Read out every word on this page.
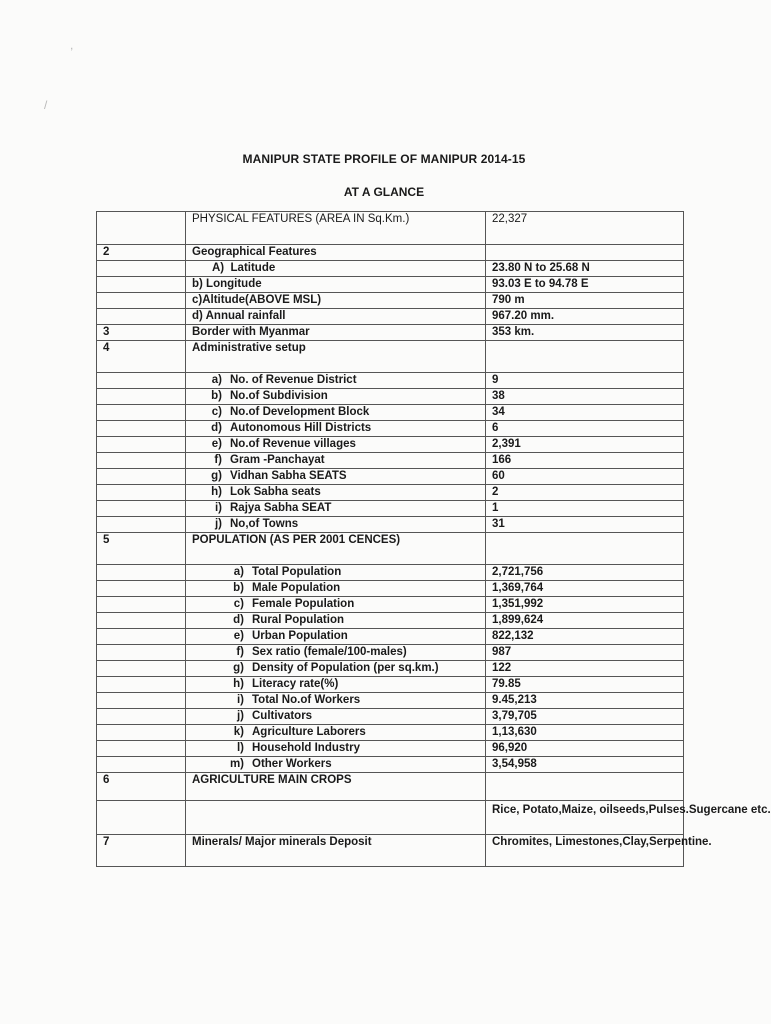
MANIPUR STATE PROFILE OF MANIPUR 2014-15
AT A GLANCE
,
/
	PHYSICAL FEATURES (AREA IN Sq.Km.)	22,327
2	Geographical Features	
	A) Latitude	23.80 N to 25.68 N
	b) Longitude	93.03 E to 94.78 E
	c)Altitude(ABOVE MSL)	790 m
	d) Annual rainfall	967.20 mm.
3	Border with Myanmar	353 km.
4	Administrative setup	
	a) No. of Revenue District	9
	b) No.of Subdivision	38
	c) No.of Development Block	34
	d) Autonomous Hill Districts	6
	e) No.of Revenue villages	2,391
	f) Gram -Panchayat	166
	g) Vidhan Sabha SEATS	60
	h) Lok Sabha seats	2
	i) Rajya Sabha SEAT	1
	j) No,of Towns	31
5	POPULATION (AS PER 2001 CENCES)	
	a) Total Population	2,721,756
	b) Male Population	1,369,764
	c) Female Population	1,351,992
	d) Rural Population	1,899,624
	e) Urban Population	822,132
	f) Sex ratio (female/100-males)	987
	g) Density of Population (per sq.km.)	122
	h) Literacy rate(%)	79.85
	i) Total No.of Workers	9.45,213
	j) Cultivators	3,79,705
	k) Agriculture Laborers	1,13,630
	l) Household Industry	96,920
	m) Other Workers	3,54,958
6	AGRICULTURE MAIN CROPS	
		Rice, Potato,Maize, oilseeds,Pulses.Sugercane etc.
7	Minerals/ Major minerals Deposit	Chromites, Limestones,Clay,Serpentine.
